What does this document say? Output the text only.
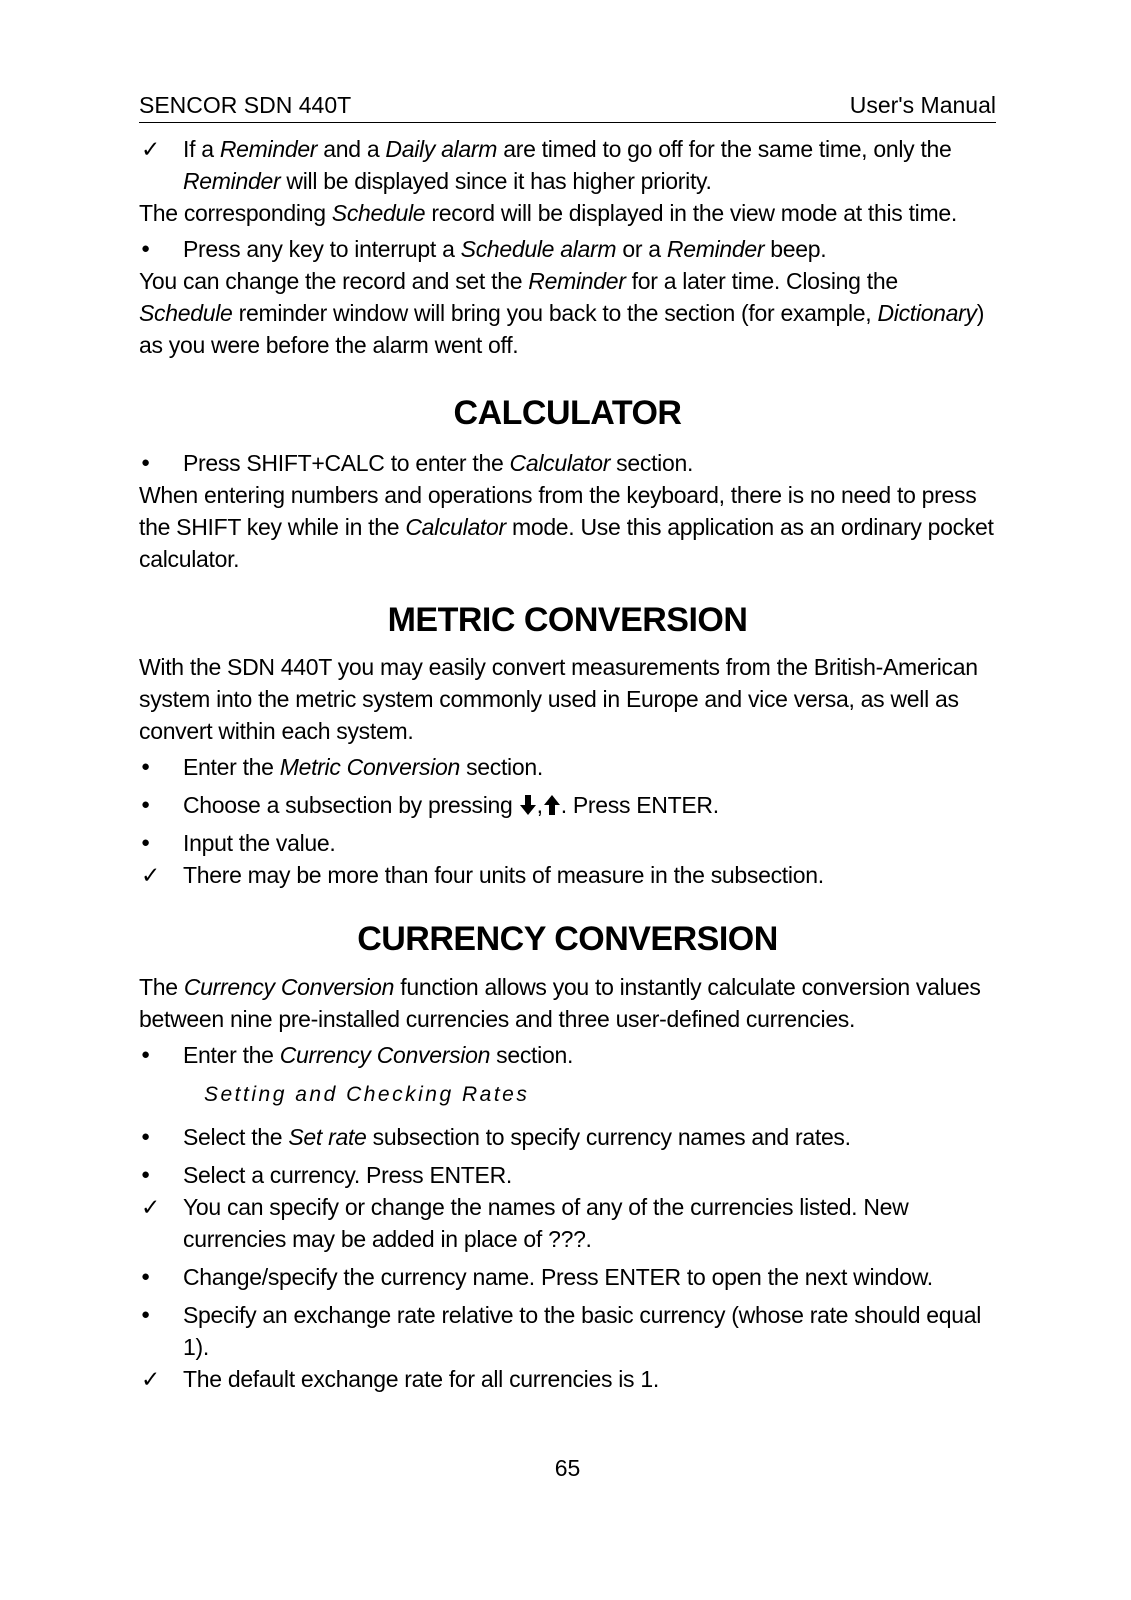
SENCOR SDN 440T	User's Manual
✓	If a Reminder and a Daily alarm are timed to go off for the same time, only the Reminder will be displayed since it has higher priority.
The corresponding Schedule record will be displayed in the view mode at this time.
●	Press any key to interrupt a Schedule alarm or a Reminder beep.
You can change the record and set the Reminder for a later time. Closing the Schedule reminder window will bring you back to the section (for example, Dictionary) as you were before the alarm went off.
CALCULATOR
●	Press SHIFT+CALC to enter the Calculator section.
When entering numbers and operations from the keyboard, there is no need to press the SHIFT key while in the Calculator mode. Use this application as an ordinary pocket calculator.
METRIC CONVERSION
With the SDN 440T you may easily convert measurements from the British-American system into the metric system commonly used in Europe and vice versa, as well as convert within each system.
●	Enter the Metric Conversion section.
●	Choose a subsection by pressing , . Press ENTER.
●	Input the value.
✓	There may be more than four units of measure in the subsection.
CURRENCY CONVERSION
The Currency Conversion function allows you to instantly calculate conversion values between nine pre-installed currencies and three user-defined currencies.
●	Enter the Currency Conversion section.
Setting and Checking Rates
●	Select the Set rate subsection to specify currency names and rates.
●	Select a currency. Press ENTER.
✓	You can specify or change the names of any of the currencies listed. New currencies may be added in place of ???.
●	Change/specify the currency name. Press ENTER to open the next window.
●	Specify an exchange rate relative to the basic currency (whose rate should equal 1).
✓	The default exchange rate for all currencies is 1.
65
